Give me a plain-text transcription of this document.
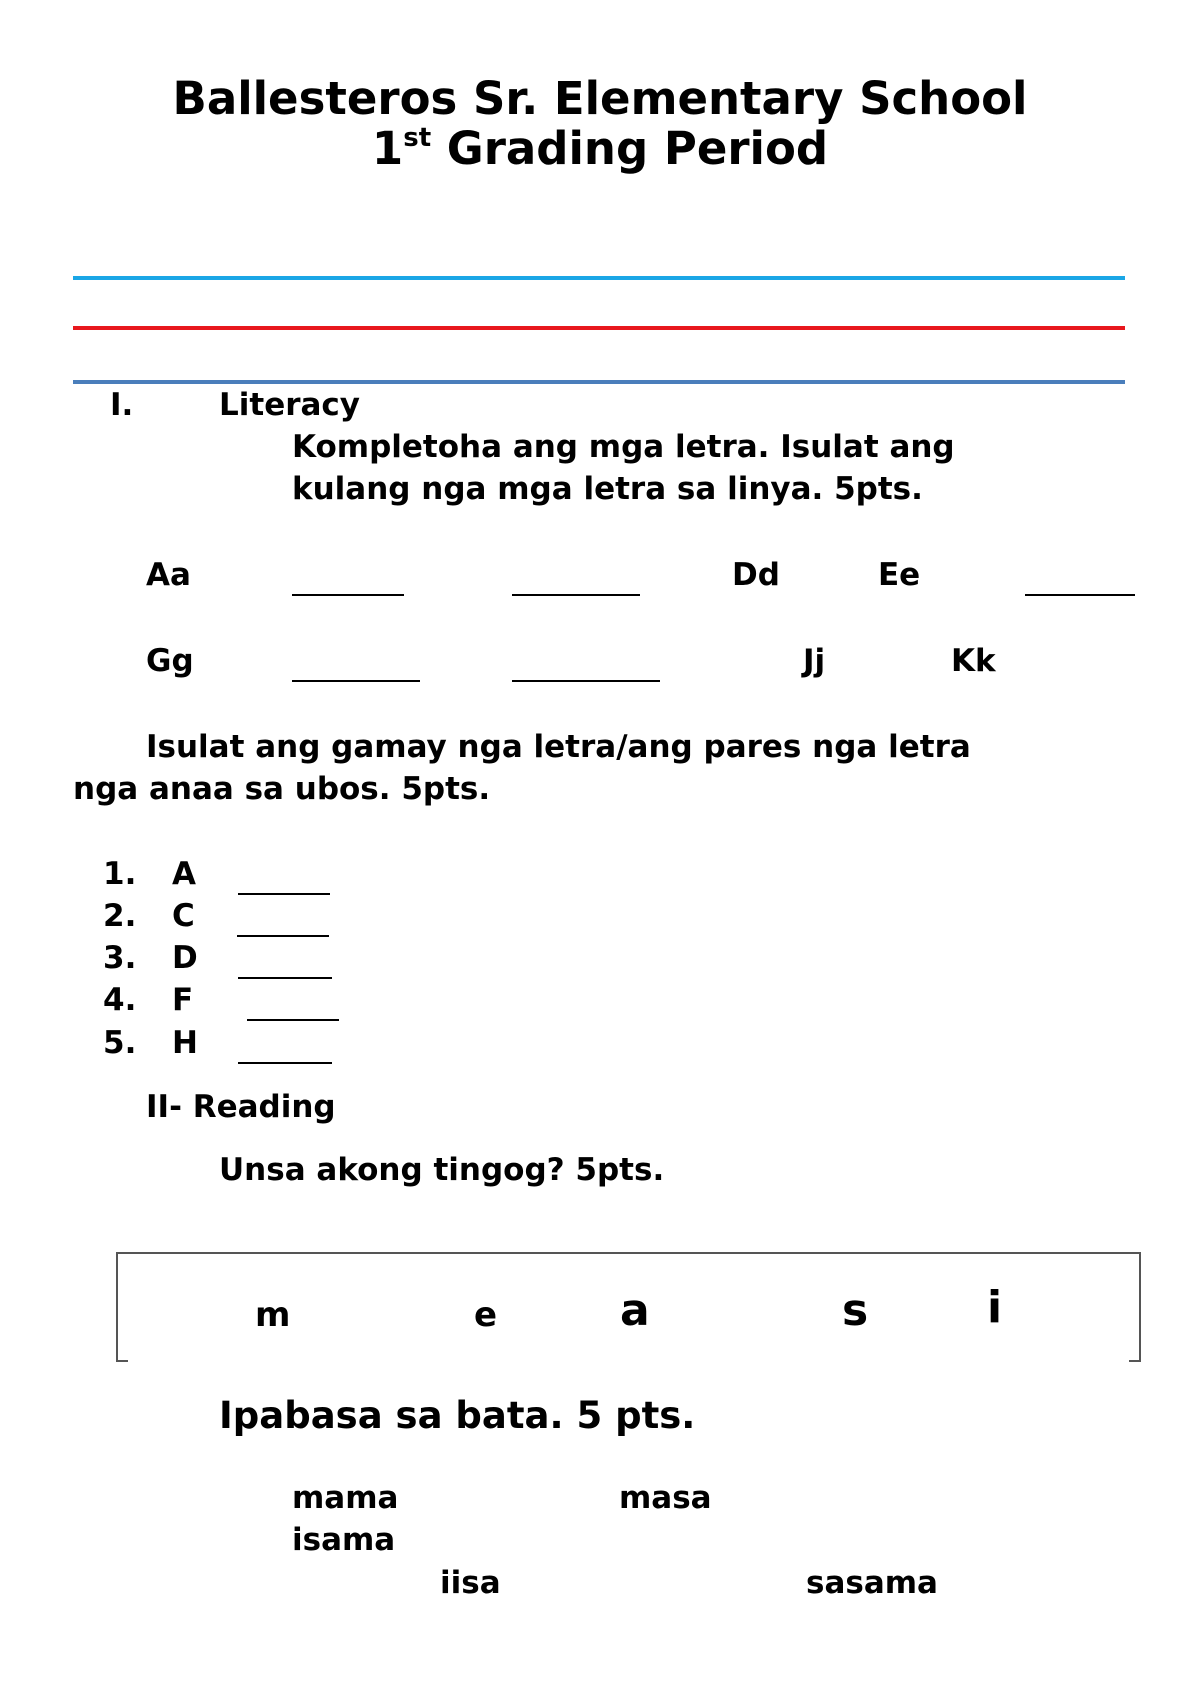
Ballesteros Sr. Elementary School
1st Grading Period
I.	Literacy
Kompletoha ang mga letra. Isulat ang
kulang nga mga letra sa linya. 5pts.
Aa	Dd	Ee
Gg	Jj	Kk
Isulat ang gamay nga letra/ang pares nga letra
nga anaa sa ubos. 5pts.
1. A
2. C
3. D
4. F
5. H
II- Reading
Unsa akong tingog? 5pts.
m	e	a	s	i
Ipabasa sa bata. 5 pts.
mama	masa
isama
iisa	sasama
